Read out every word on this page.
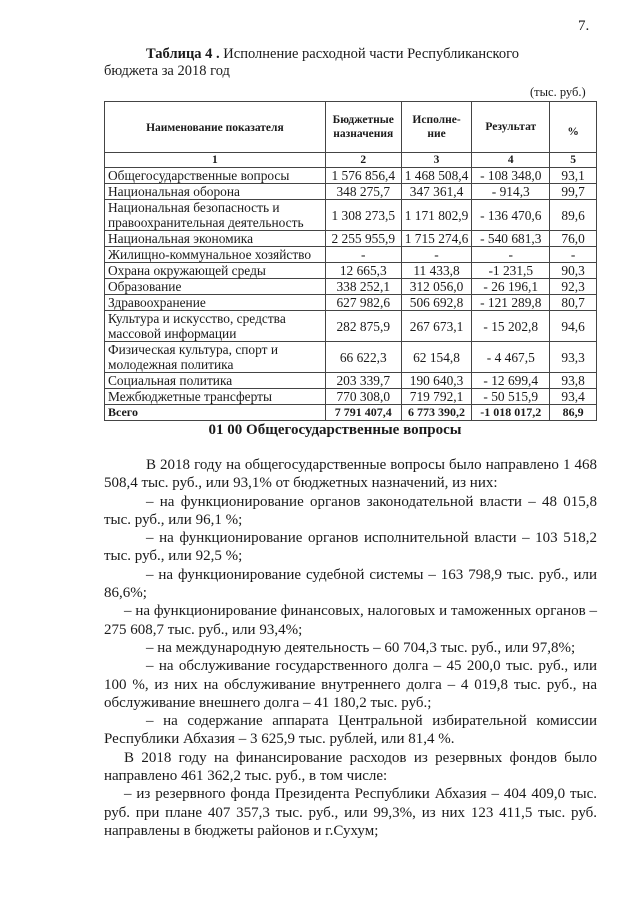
7.
Таблица 4 . Исполнение расходной части Республиканского бюджета за 2018 год
(тыс. руб.)
Наименование показателя	Бюджетные назначения	Исполне-ние	Результат	%
1	2	3	4	5
Общегосударственные вопросы	1 576 856,4	1 468 508,4	- 108 348,0	93,1
Национальная оборона	348 275,7	347 361,4	- 914,3	99,7
Национальная безопасность и правоохранительная деятельность	1 308 273,5	1 171 802,9	- 136 470,6	89,6
Национальная экономика	2 255 955,9	1 715 274,6	- 540 681,3	76,0
Жилищно-коммунальное хозяйство	-	-	-	-
Охрана окружающей среды	12 665,3	11 433,8	-1 231,5	90,3
Образование	338 252,1	312 056,0	- 26 196,1	92,3
Здравоохранение	627 982,6	506 692,8	- 121 289,8	80,7
Культура и искусство, средства массовой информации	282 875,9	267 673,1	- 15 202,8	94,6
Физическая культура, спорт и молодежная политика	66 622,3	62 154,8	- 4 467,5	93,3
Социальная политика	203 339,7	190 640,3	- 12 699,4	93,8
Межбюджетные трансферты	770 308,0	719 792,1	- 50 515,9	93,4
Всего	7 791 407,4	6 773 390,2	-1 018 017,2	86,9
01 00 Общегосударственные вопросы

В 2018 году на общегосударственные вопросы было направлено 1 468 508,4 тыс. руб., или 93,1% от бюджетных назначений, из них:

– на функционирование органов законодательной власти – 48 015,8 тыс. руб., или 96,1 %;

– на функционирование органов исполнительной власти – 103 518,2 тыс. руб., или 92,5 %;

– на функционирование судебной системы – 163 798,9 тыс. руб., или 86,6%;

– на функционирование финансовых, налоговых и таможенных органов – 275 608,7 тыс. руб., или 93,4%;

– на международную деятельность – 60 704,3 тыс. руб., или 97,8%;

– на обслуживание государственного долга – 45 200,0 тыс. руб., или 100 %, из них на обслуживание внутреннего долга – 4 019,8 тыс. руб., на обслуживание внешнего долга – 41 180,2 тыс. руб.;

– на содержание аппарата Центральной избирательной комиссии Республики Абхазия – 3 625,9 тыс. рублей, или 81,4 %.

В 2018 году на финансирование расходов из резервных фондов было направлено 461 362,2 тыс. руб., в том числе:

– из резервного фонда Президента Республики Абхазия – 404 409,0 тыс. руб. при плане 407 357,3 тыс. руб., или 99,3%, из них 123 411,5 тыс. руб. направлены в бюджеты районов и г.Сухум;
